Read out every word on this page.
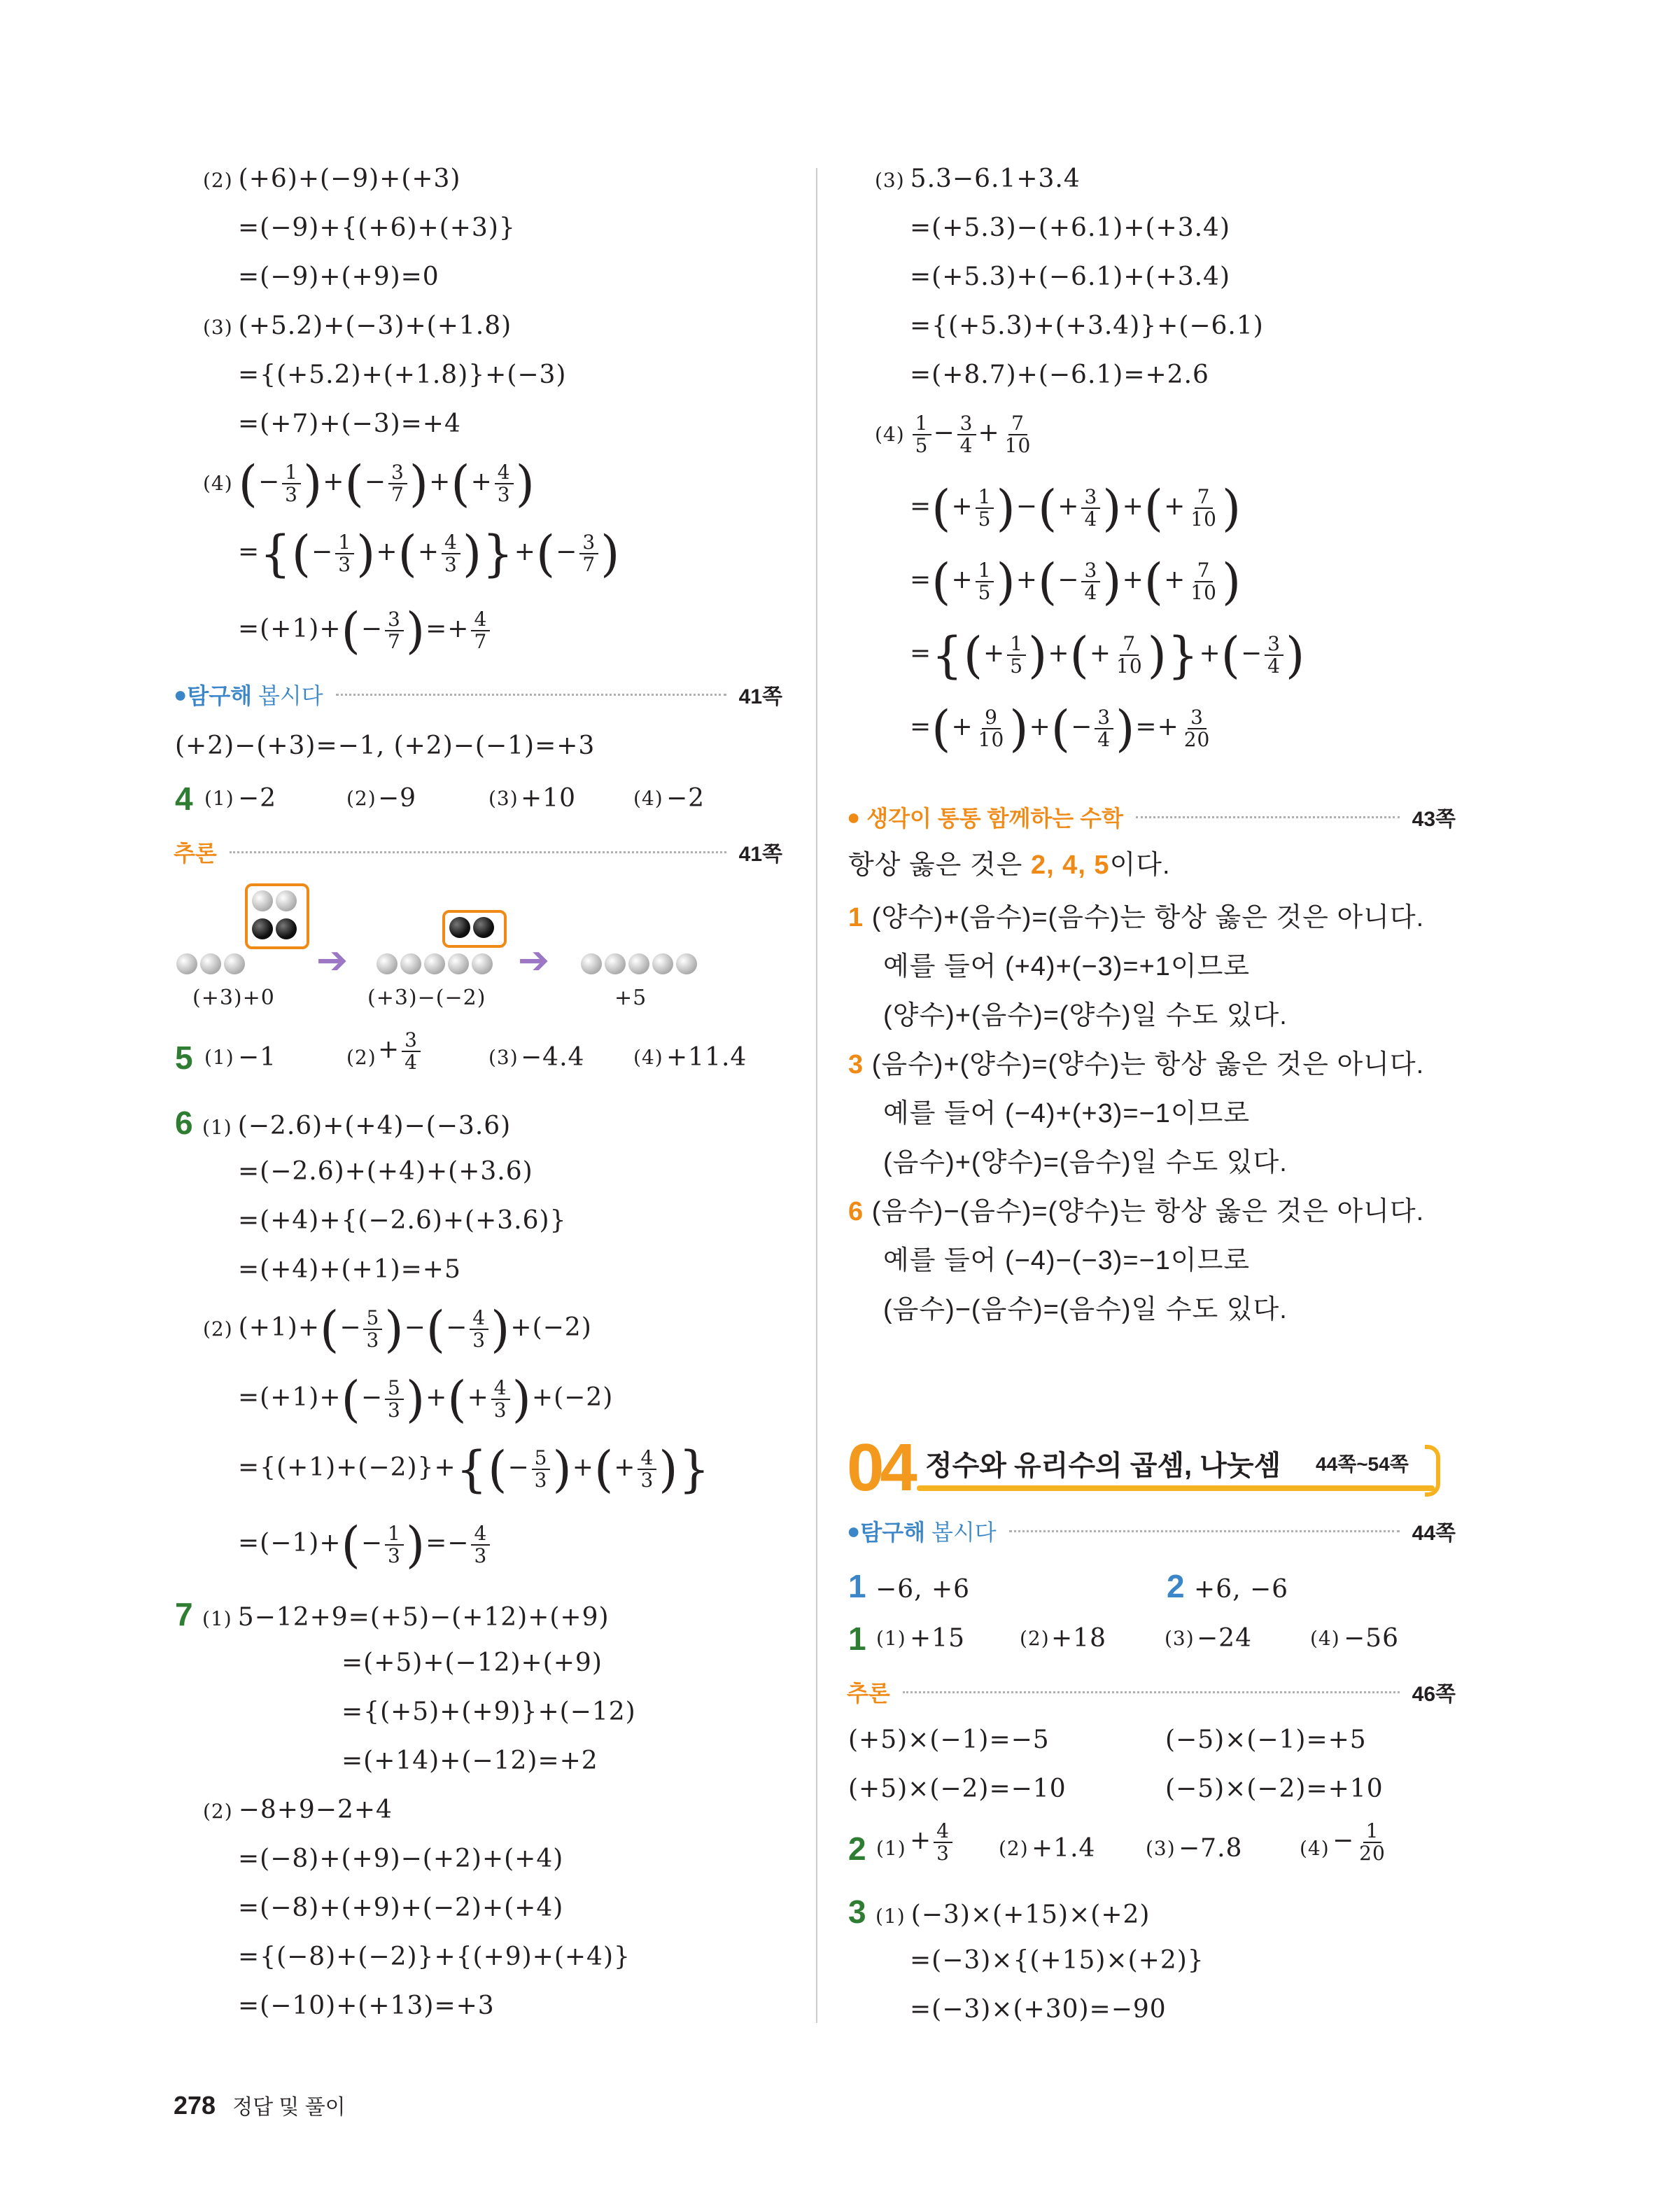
(2) (+6)+(−9)+(+3)
=(−9)+{(+6)+(+3)}
=(−9)+(+9)=0
(3) (+5.2)+(−3)+(+1.8)
={(+5.2)+(+1.8)}+(−3)
=(+7)+(−3)=+4
(4) (− $\frac{1}{3}$ )+(− $\frac{3}{7}$ )+(+ $\frac{4}{3}$ )
={(− $\frac{1}{3}$ )+(+ $\frac{4}{3}$ )}+(− $\frac{3}{7}$ )
$=(+1)+(- \frac{3}{7}$ )=+ $\frac{4}{7}$
● 탐구해
봅시다	41쪽
(+2)−(+3)=−1, (+2)−(−1)=+3
4 (1) −2	(2) −9	(3) +10	(4) −2
추론	41쪽

➔	➔
(+3)+0	(+3)−(−2)	+5
5 (1) −1	$(2) + \frac{3}{4}$	(3) −4.4 (4) +11.4
6 (1) (−2.6)+(+4)−(−3.6)
=(−2.6)+(+4)+(+3.6)
=(+4)+{(−2.6)+(+3.6)}
=(+4)+(+1)=+5
(2) $(+1)+(- \frac{5}{3}$ )−(− $\frac{4}{3} )+(-2)$
$=(+1)+(- \frac{5}{3}$ )+(+ $\frac{4}{3} )+(-2)$
$=\{(+1)+(-2)\}+\{(- \frac{5}{3}$ )+(+ $\frac{4}{3}$ )}
$=(-1)+(- \frac{1}{3}$ )=− $\frac{4}{3}$
7 (1) 5−12+9=(+5)−(+12)+(+9)
=(+5)+(−12)+(+9)
={(+5)+(+9)}+(−12)
=(+14)+(−12)=+2
(2) −8+9−2+4
=(−8)+(+9)−(+2)+(+4)
=(−8)+(+9)+(−2)+(+4)
={(−8)+(−2)}+{(+9)+(+4)}
=(−10)+(+13)=+3
(3) 5.3−6.1+3.4
=(+5.3)−(+6.1)+(+3.4)
=(+5.3)+(−6.1)+(+3.4)
={(+5.3)+(+3.4)}+(−6.1)
=(+8.7)+(−6.1)=+2.6
$(4) \frac{1}{5} - \frac{3}{4} + \frac{7}{10}$
=(+ $\frac{1}{5}$ )−(+ $\frac{3}{4}$ )+(+ $\frac{7}{10}$ )
=(+ $\frac{1}{5}$ )+(− $\frac{3}{4}$ )+(+ $\frac{7}{10}$ )
={(+ $\frac{1}{5}$ )+(+ $\frac{7}{10}$ )}+(− $\frac{3}{4}$ )
=(+ $\frac{9}{10}$ )+(− $\frac{3}{4}$ )=+ $\frac{3}{20}$
●
생각이 통통 함께하는 수학	43쪽
항상 옳은 것은 2, 4, 5이다.
1 (양수)+(음수)=(음수)는 항상 옳은 것은 아니다.
예를 들어 (+4)+(−3)=+1이므로
(양수)+(음수)=(양수)일 수도 있다.
3 (음수)+(양수)=(양수)는 항상 옳은 것은 아니다.
예를 들어 (−4)+(+3)=−1이므로
(음수)+(양수)=(음수)일 수도 있다.
6 (음수)−(음수)=(양수)는 항상 옳은 것은 아니다.
예를 들어 (−4)−(−3)=−1이므로
(음수)−(음수)=(음수)일 수도 있다.
04 정수와 유리수의 곱셈, 나눗셈 44쪽~54쪽
● 탐구해
봅시다	44쪽
1 −6, +6	2 +6, −6
1 (1) +15	(2) +18	(3) −24	(4) −56
추론	46쪽
(+5)×(−1)=−5	(−5)×(−1)=+5
(+5)×(−2)=−10	(−5)×(−2)=+10
2 $(1) + \frac{4}{3} (2) +1.4$	(3) −7.8	$(4) - \frac{1}{20}$
3 (1) (−3)×(+15)×(+2)
=(−3)×{(+15)×(+2)}
=(−3)×(+30)=−90
278 정답 및 풀이
